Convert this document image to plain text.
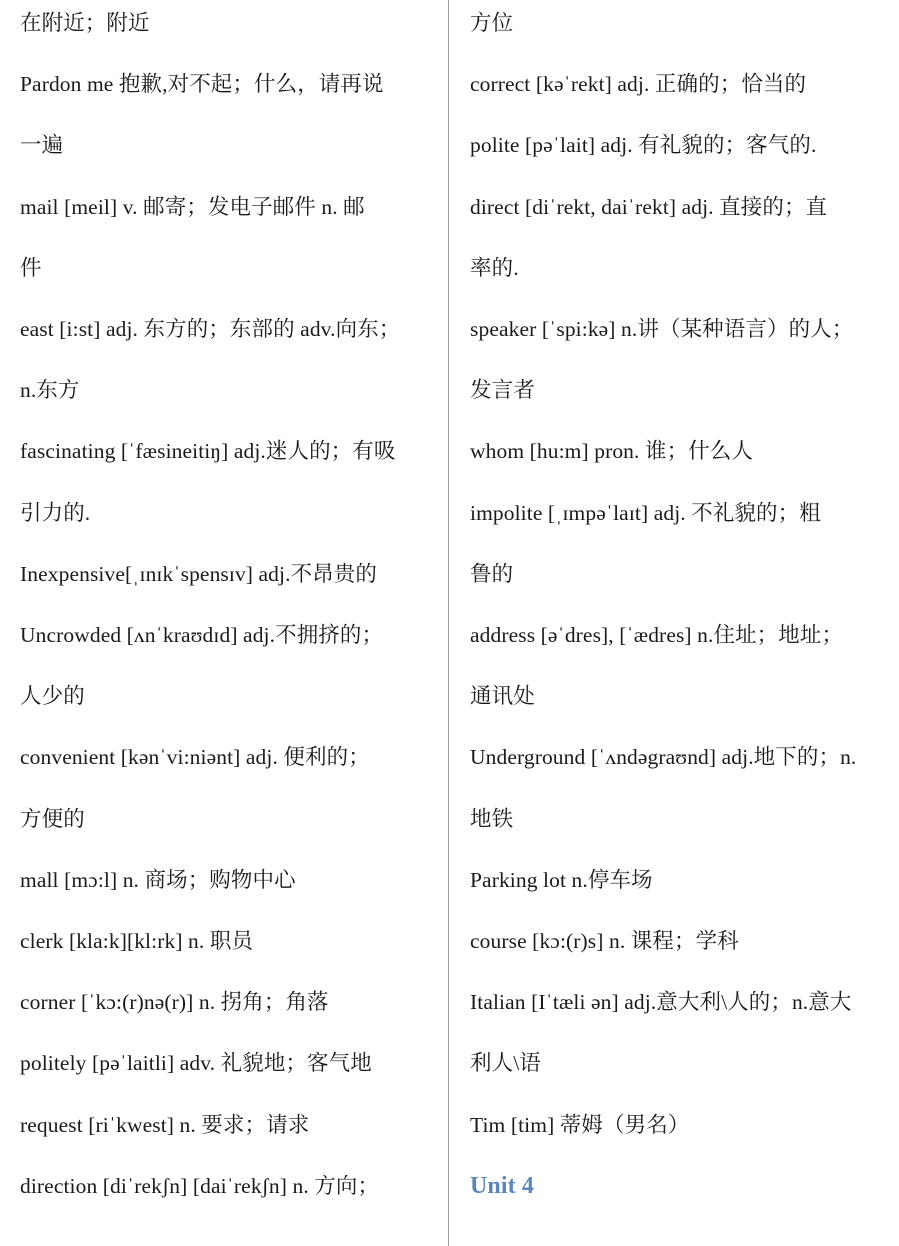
在附近；附近
Pardon me 抱歉,对不起；什么，请再说
一遍
mail [meil] v. 邮寄；发电子邮件 n. 邮
件
east [i:st] adj. 东方的；东部的 adv.向东；
n.东方
fascinating [ˈfæsineitiŋ] adj.迷人的；有吸
引力的.
Inexpensive[ˌɪnɪkˈspensɪv] adj.不昂贵的
Uncrowded [ʌnˈkraʊdɪd] adj.不拥挤的；
人少的
convenient [kənˈvi:niənt] adj. 便利的；
方便的
mall [mɔ:l] n. 商场；购物中心
clerk [kla:k][kl:rk] n. 职员
corner [ˈkɔ:(r)nə(r)] n. 拐角；角落
politely [pəˈlaitli] adv. 礼貌地；客气地
request [riˈkwest] n. 要求；请求
direction [diˈrekʃn] [daiˈrekʃn] n. 方向；
方位
correct [kəˈrekt] adj. 正确的；恰当的
polite [pəˈlait] adj. 有礼貌的；客气的.
direct [diˈrekt, daiˈrekt] adj. 直接的；直
率的.
speaker [ˈspi:kə] n.讲（某种语言）的人；
发言者
whom [hu:m] pron. 谁；什么人
impolite [ˌɪmpəˈlaɪt] adj. 不礼貌的；粗
鲁的
address [əˈdres], [ˈædres] n.住址；地址；
通讯处
Underground [ˈʌndəgraʊnd] adj.地下的；n.
地铁
Parking lot n.停车场
course [kɔ:(r)s] n. 课程；学科
Italian [Iˈtæli ən] adj.意大利\人的；n.意大
利人\语
Tim [tim] 蒂姆（男名）
Unit 4
